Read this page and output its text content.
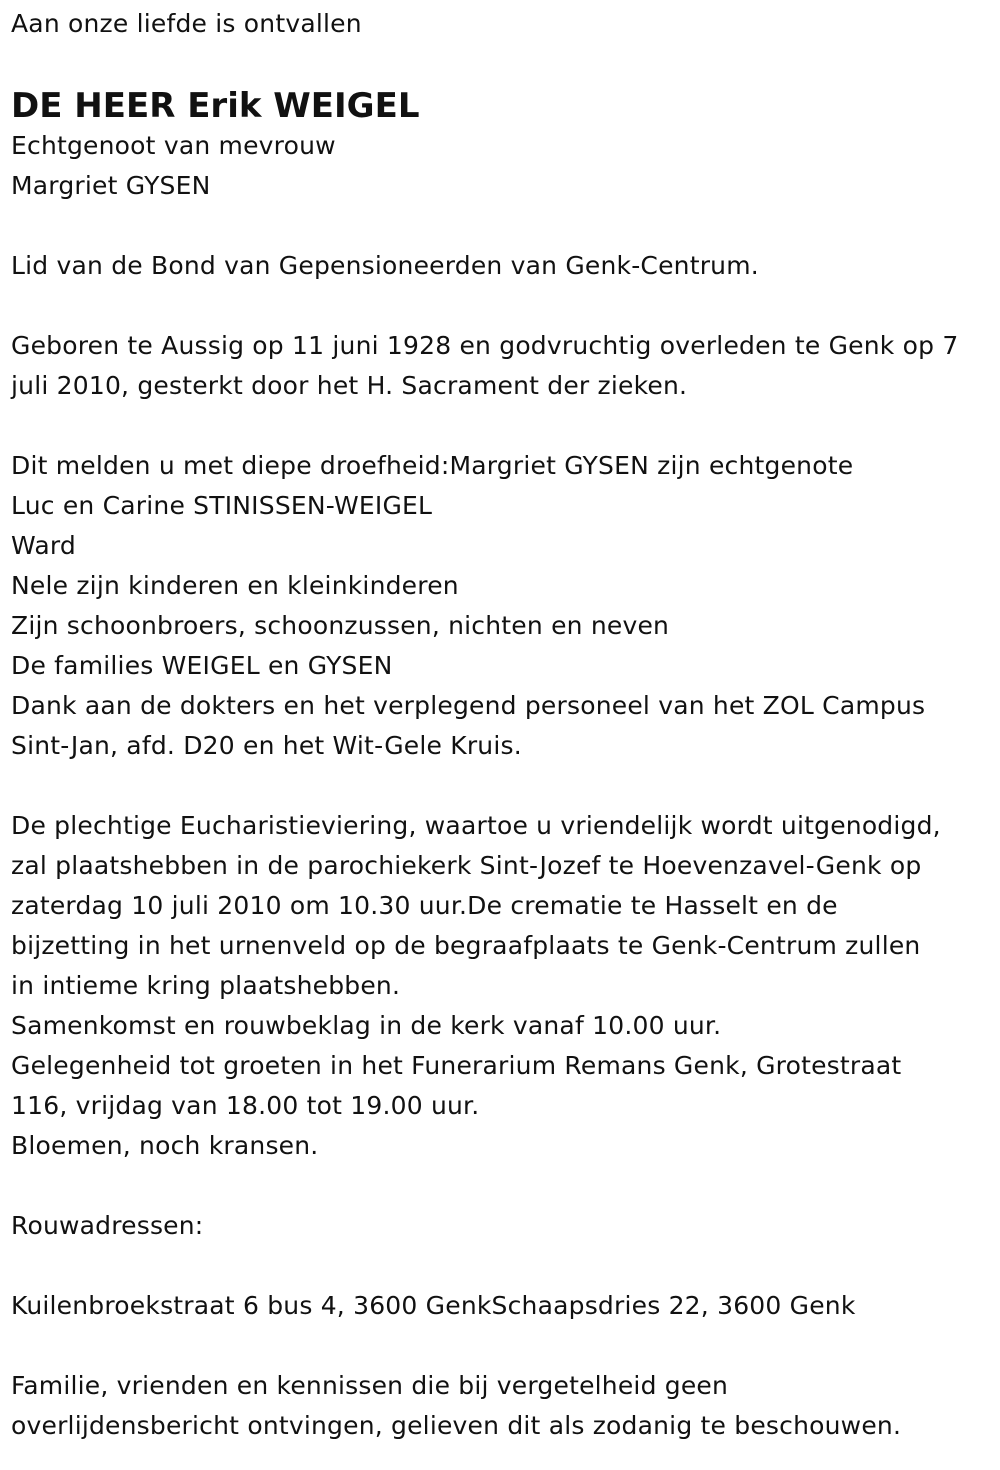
Aan onze liefde is ontvallen
DE HEER Erik WEIGEL
Echtgenoot van mevrouw
Margriet GYSEN
Lid van de Bond van Gepensioneerden van Genk-Centrum.
Geboren te Aussig op 11 juni 1928 en godvruchtig overleden te Genk op 7
juli 2010, gesterkt door het H. Sacrament der zieken.
Dit melden u met diepe droefheid:Margriet GYSEN zijn echtgenote
Luc en Carine STINISSEN-WEIGEL
Ward
Nele zijn kinderen en kleinkinderen
Zijn schoonbroers, schoonzussen, nichten en neven
De families WEIGEL en GYSEN
Dank aan de dokters en het verplegend personeel van het ZOL Campus
Sint-Jan, afd. D20 en het Wit-Gele Kruis.
De plechtige Eucharistieviering, waartoe u vriendelijk wordt uitgenodigd,
zal plaatshebben in de parochiekerk Sint-Jozef te Hoevenzavel-Genk op
zaterdag 10 juli 2010 om 10.30 uur.De crematie te Hasselt en de
bijzetting in het urnenveld op de begraafplaats te Genk-Centrum zullen
in intieme kring plaatshebben.
Samenkomst en rouwbeklag in de kerk vanaf 10.00 uur.
Gelegenheid tot groeten in het Funerarium Remans Genk, Grotestraat
116, vrijdag van 18.00 tot 19.00 uur.
Bloemen, noch kransen.
Rouwadressen:
Kuilenbroekstraat 6 bus 4, 3600 GenkSchaapsdries 22, 3600 Genk
Familie, vrienden en kennissen die bij vergetelheid geen
overlijdensbericht ontvingen, gelieven dit als zodanig te beschouwen.
